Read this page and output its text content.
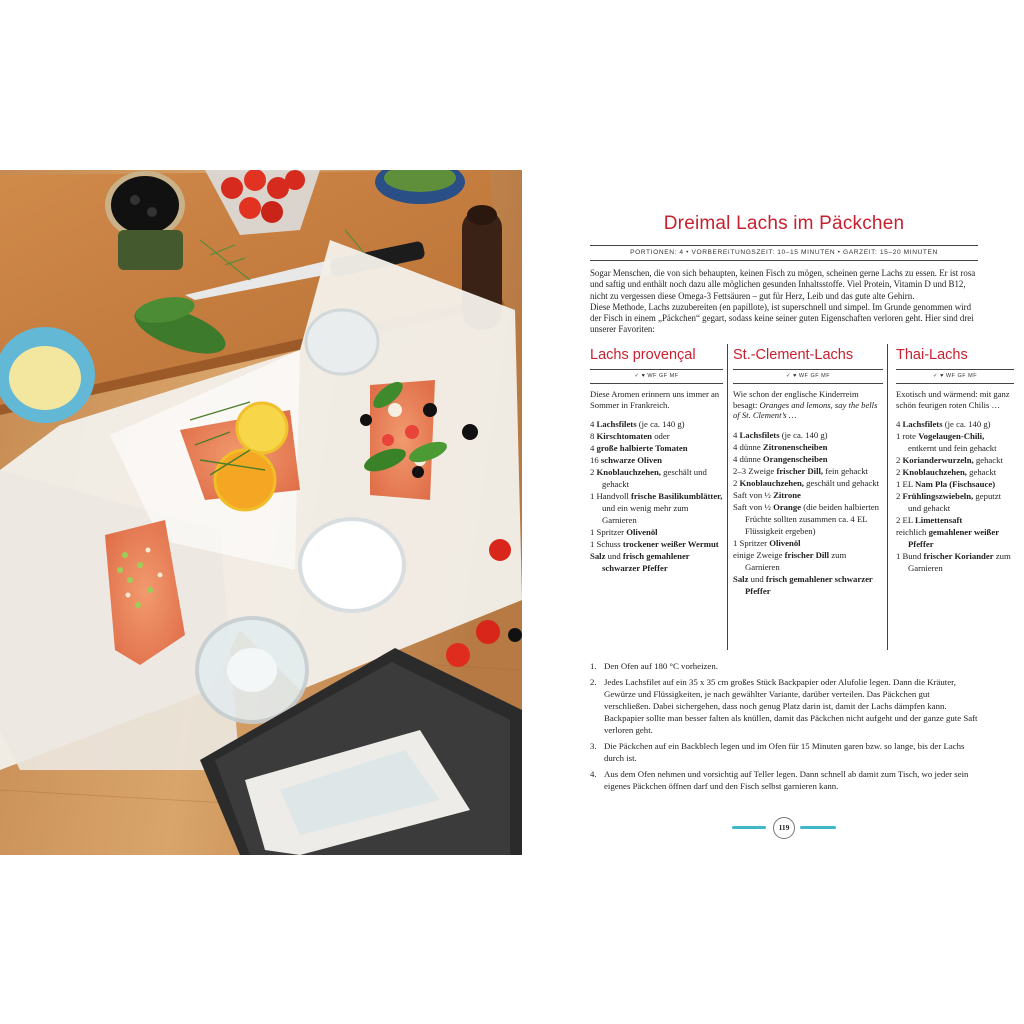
Dreimal Lachs im Päckchen
PORTIONEN: 4 • VORBEREITUNGSZEIT: 10–15 MINUTEN • GARZEIT: 15–20 MINUTEN

Sogar Menschen, die von sich behaupten, keinen Fisch zu mögen, scheinen gerne Lachs zu essen. Er ist rosa und saftig und enthält noch dazu alle möglichen gesunden Inhaltsstoffe. Viel Protein, Vitamin D und B12, nicht zu vergessen diese Omega-3 Fettsäuren – gut für Herz, Leib und das gute alte Gehirn.

Diese Methode, Lachs zuzubereiten (en papillote), ist superschnell und simpel. Im Grunde genommen wird der Fisch in einem „Päckchen“ gegart, sodass keine seiner guten Eigenschaften verloren geht. Hier sind drei unserer Favoriten:

Lachs provençal
✓ ♥ WF GF MF

Diese Aromen erinnern uns immer an Sommer in Frankreich.

4 Lachsfilets (je ca. 140 g)
8 Kirschtomaten oder
4 große halbierte Tomaten
16 schwarze Oliven
2 Knoblauchzehen, geschält und gehackt
1 Handvoll frische Basilikumblätter, und ein wenig mehr zum Garnieren
1 Spritzer Olivenöl
1 Schuss trockener weißer Wermut
Salz und frisch gemahlener schwarzer Pfeffer
St.-Clement-Lachs
✓ ♥ WF GF MF

Wie schon der englische Kinderreim besagt: Oranges and lemons, say the bells of St. Clement’s …

4 Lachsfilets (je ca. 140 g)
4 dünne Zitronenscheiben
4 dünne Orangenscheiben
2–3 Zweige frischer Dill, fein gehackt
2 Knoblauchzehen, geschält und gehackt
Saft von ½ Zitrone
Saft von ½ Orange (die beiden halbierten Früchte sollten zusammen ca. 4 EL Flüssigkeit ergeben)
1 Spritzer Olivenöl
einige Zweige frischer Dill zum Garnieren
Salz und frisch gemahlener schwarzer Pfeffer
Thai-Lachs
✓ ♥ WF GF MF

Exotisch und wärmend: mit ganz schön feurigen roten Chilis …

4 Lachsfilets (je ca. 140 g)
1 rote Vogelaugen-Chili, entkernt und fein gehackt
2 Korianderwurzeln, gehackt
2 Knoblauchzehen, gehackt
1 EL Nam Pla (Fischsauce)
2 Frühlingszwiebeln, geputzt und gehackt
2 EL Limettensaft
reichlich gemahlener weißer Pfeffer
1 Bund frischer Koriander zum Garnieren
1. Den Ofen auf 180 °C vorheizen.
2. Jedes Lachsfilet auf ein 35 x 35 cm großes Stück Backpapier oder Alufolie legen. Dann die Kräuter, Gewürze und Flüssigkeiten, je nach gewählter Variante, darüber verteilen. Das Päckchen gut verschließen. Dabei sichergehen, dass noch genug Platz darin ist, damit der Lachs dämpfen kann. Backpapier sollte man besser falten als knüllen, damit das Päckchen nicht aufgeht und der ganze gute Saft verloren geht.
3. Die Päckchen auf ein Backblech legen und im Ofen für 15 Minuten garen bzw. so lange, bis der Lachs durch ist.
4. Aus dem Ofen nehmen und vorsichtig auf Teller legen. Dann schnell ab damit zum Tisch, wo jeder sein eigenes Päckchen öffnen darf und den Fisch selbst garnieren kann.
119
